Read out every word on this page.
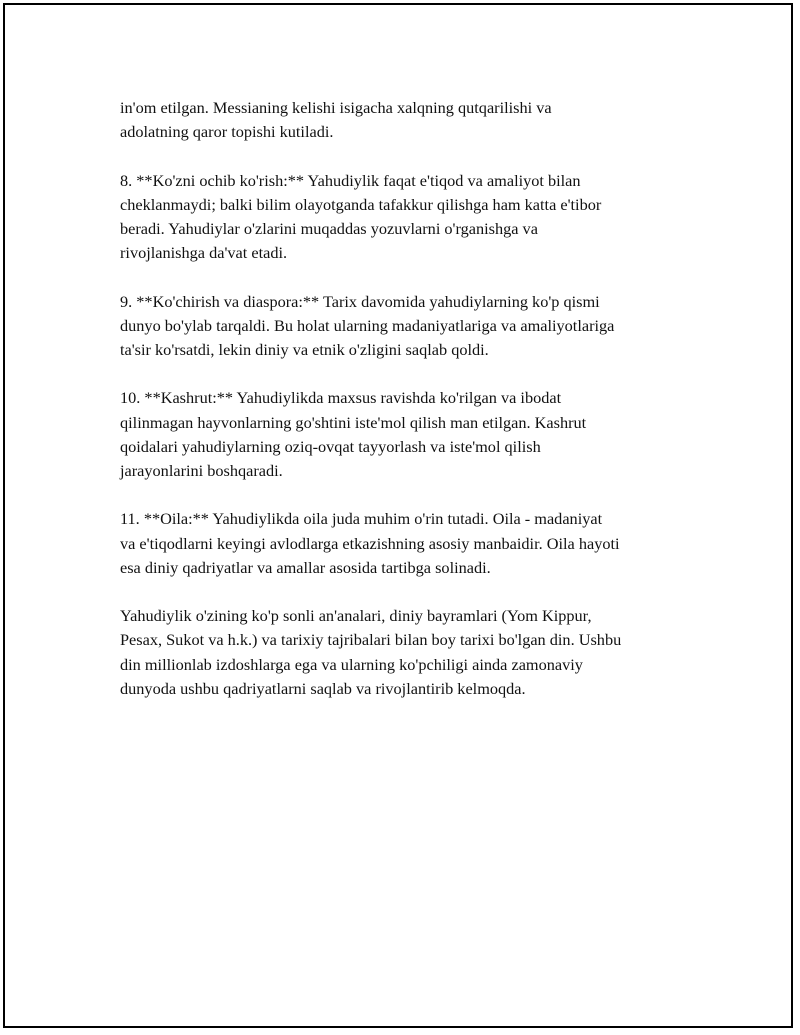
in'om etilgan. Messianing kelishi isigacha xalqning qutqarilishi va
adolatning qaror topishi kutiladi.

8. **Ko'zni ochib ko'rish:** Yahudiylik faqat e'tiqod va amaliyot bilan
cheklanmaydi; balki bilim olayotganda tafakkur qilishga ham katta e'tibor
beradi. Yahudiylar o'zlarini muqaddas yozuvlarni o'rganishga va
rivojlanishga da'vat etadi.

9. **Ko'chirish va diaspora:** Tarix davomida yahudiylarning ko'p qismi
dunyo bo'ylab tarqaldi. Bu holat ularning madaniyatlariga va amaliyotlariga
ta'sir ko'rsatdi, lekin diniy va etnik o'zligini saqlab qoldi.

10. **Kashrut:** Yahudiylikda maxsus ravishda ko'rilgan va ibodat
qilinmagan hayvonlarning go'shtini iste'mol qilish man etilgan. Kashrut
qoidalari yahudiylarning oziq-ovqat tayyorlash va iste'mol qilish
jarayonlarini boshqaradi.

11. **Oila:** Yahudiylikda oila juda muhim o'rin tutadi. Oila - madaniyat
va e'tiqodlarni keyingi avlodlarga etkazishning asosiy manbaidir. Oila hayoti
esa diniy qadriyatlar va amallar asosida tartibga solinadi.

Yahudiylik o'zining ko'p sonli an'analari, diniy bayramlari (Yom Kippur,
Pesax, Sukot va h.k.) va tarixiy tajribalari bilan boy tarixi bo'lgan din. Ushbu
din millionlab izdoshlarga ega va ularning ko'pchiligi ainda zamonaviy
dunyoda ushbu qadriyatlarni saqlab va rivojlantirib kelmoqda.
